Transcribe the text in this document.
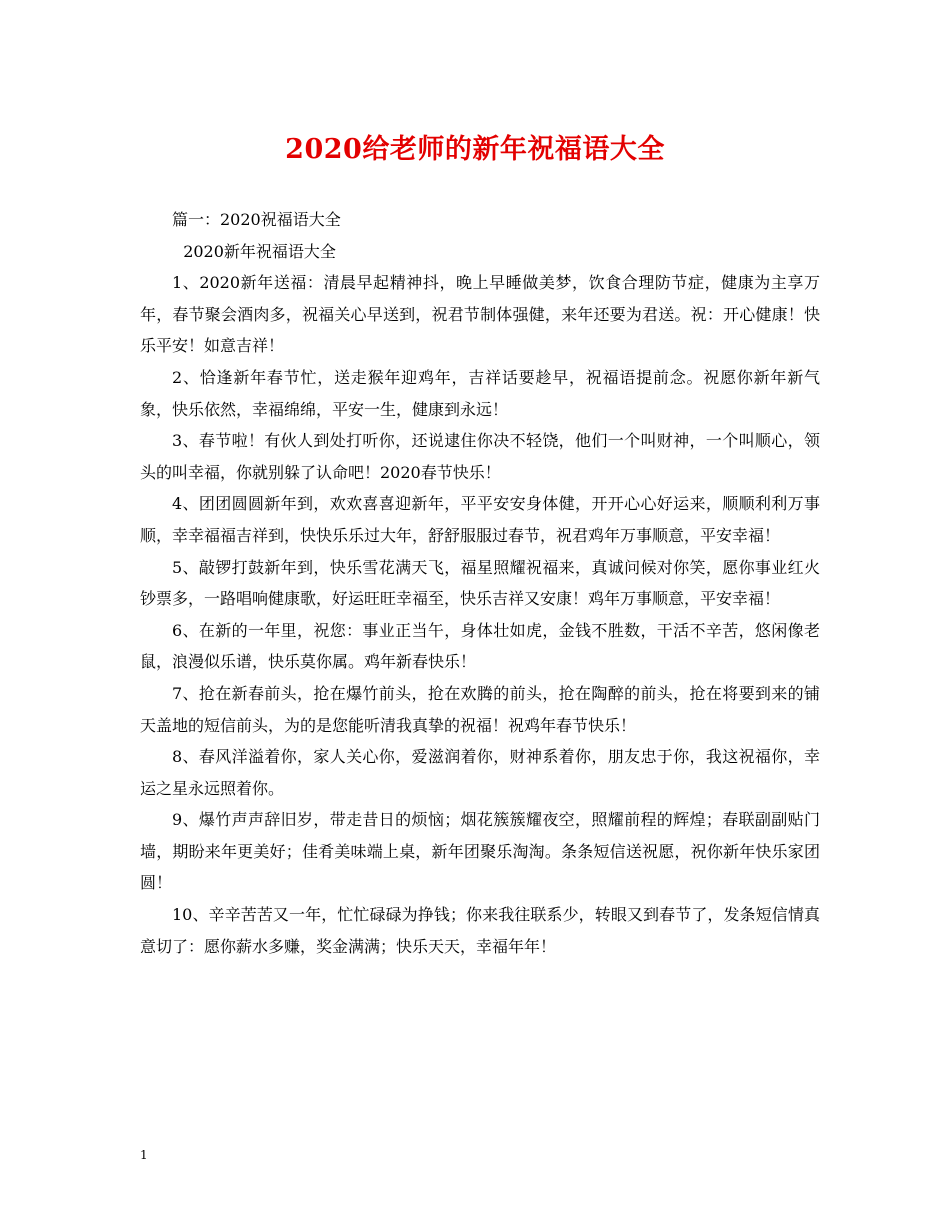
2020给老师的新年祝福语大全

篇一：2020祝福语大全

2020新年祝福语大全

1、2020新年送福：清晨早起精神抖，晚上早睡做美梦，饮食合理防节症，健康为主享万年，春节聚会酒肉多，祝福关心早送到，祝君节制体强健，来年还要为君送。祝：开心健康！快乐平安！如意吉祥！

2、恰逢新年春节忙，送走猴年迎鸡年，吉祥话要趁早，祝福语提前念。祝愿你新年新气象，快乐依然，幸福绵绵，平安一生，健康到永远！

3、春节啦！有伙人到处打听你，还说逮住你决不轻饶，他们一个叫财神，一个叫顺心，领头的叫幸福，你就别躲了认命吧！2020春节快乐！

4、团团圆圆新年到，欢欢喜喜迎新年，平平安安身体健，开开心心好运来，顺顺利利万事顺，幸幸福福吉祥到，快快乐乐过大年，舒舒服服过春节，祝君鸡年万事顺意，平安幸福！

5、敲锣打鼓新年到，快乐雪花满天飞，福星照耀祝福来，真诚问候对你笑，愿你事业红火钞票多，一路唱响健康歌，好运旺旺幸福至，快乐吉祥又安康！鸡年万事顺意，平安幸福！

6、在新的一年里，祝您：事业正当午，身体壮如虎，金钱不胜数，干活不辛苦，悠闲像老鼠，浪漫似乐谱，快乐莫你属。鸡年新春快乐！

7、抢在新春前头，抢在爆竹前头，抢在欢腾的前头，抢在陶醉的前头，抢在将要到来的铺天盖地的短信前头，为的是您能听清我真挚的祝福！祝鸡年春节快乐！

8、春风洋溢着你，家人关心你，爱滋润着你，财神系着你，朋友忠于你，我这祝福你，幸运之星永远照着你。

9、爆竹声声辞旧岁，带走昔日的烦恼；烟花簇簇耀夜空，照耀前程的辉煌；春联副副贴门墙，期盼来年更美好；佳肴美味端上桌，新年团聚乐淘淘。条条短信送祝愿，祝你新年快乐家团圆！

10、辛辛苦苦又一年，忙忙碌碌为挣钱；你来我往联系少，转眼又到春节了，发条短信情真意切了：愿你薪水多赚，奖金满满；快乐天天，幸福年年！

1
